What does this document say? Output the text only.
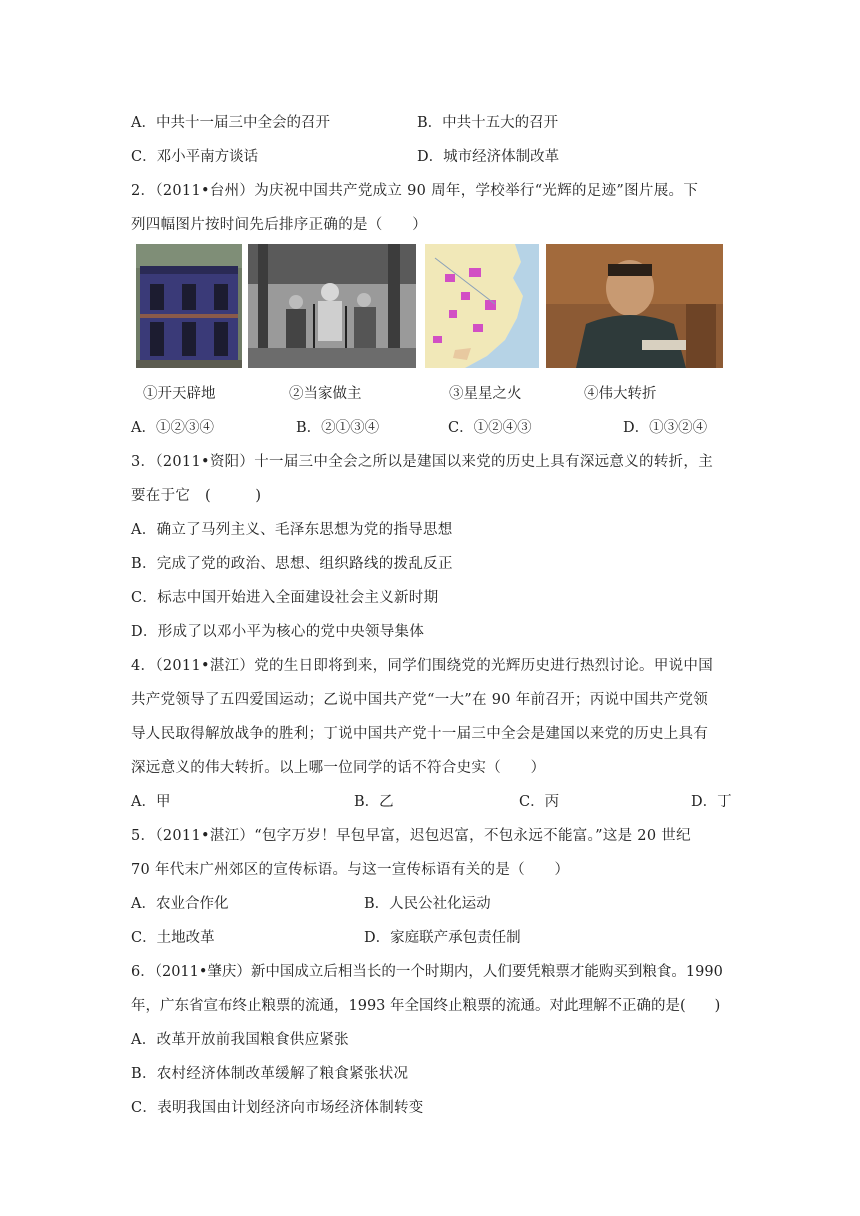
A．中共十一届三中全会的召开	B．中共十五大的召开
C．邓小平南方谈话	D．城市经济体制改革
2．（2011•台州）为庆祝中国共产党成立 90 周年，学校举行“光辉的足迹”图片展。下
列四幅图片按时间先后排序正确的是（　　）
①开天辟地	②当家做主	③星星之火	④伟大转折
A．①②③④	B．②①③④	C．①②④③	D．①③②④
3．（2011•资阳）十一届三中全会之所以是建国以来党的历史上具有深远意义的转折，主
要在于它　(　　　)
A．确立了马列主义、毛泽东思想为党的指导思想
B．完成了党的政治、思想、组织路线的拨乱反正
C．标志中国开始进入全面建设社会主义新时期
D．形成了以邓小平为核心的党中央领导集体
4．（2011•湛江）党的生日即将到来，同学们围绕党的光辉历史进行热烈讨论。甲说中国
共产党领导了五四爱国运动；乙说中国共产党“一大”在 90 年前召开；丙说中国共产党领
导人民取得解放战争的胜利；丁说中国共产党十一届三中全会是建国以来党的历史上具有
深远意义的伟大转折。以上哪一位同学的话不符合史实（　　）
A．甲	B．乙	C．丙	D．丁
5．（2011•湛江）“包字万岁！早包早富，迟包迟富，不包永远不能富。”这是 20 世纪
70 年代末广州郊区的宣传标语。与这一宣传标语有关的是（　　）
A．农业合作化	B．人民公社化运动
C．土地改革	D．家庭联产承包责任制
6．（2011•肇庆）新中国成立后相当长的一个时期内，人们要凭粮票才能购买到粮食。1990
年，广东省宣布终止粮票的流通，1993 年全国终止粮票的流通。对此理解不正确的是(　　)
A．改革开放前我国粮食供应紧张
B．农村经济体制改革缓解了粮食紧张状况
C．表明我国由计划经济向市场经济体制转变
